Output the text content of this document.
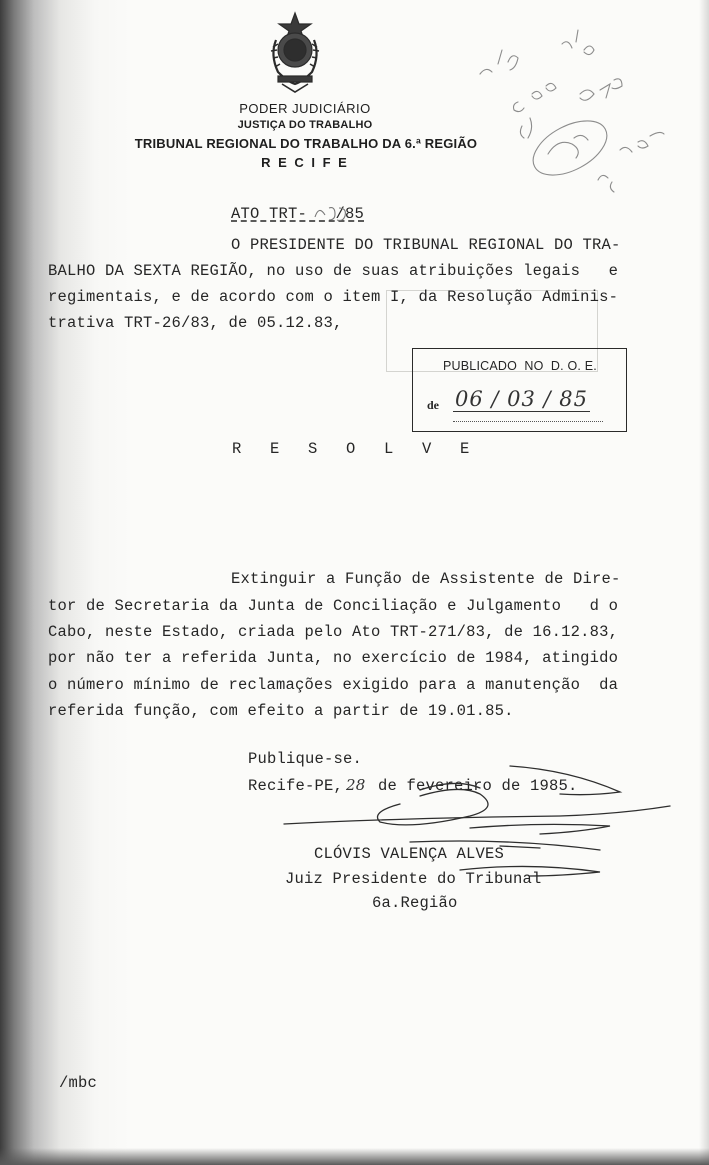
PODER JUDICIÁRIO
JUSTIÇA DO TRABALHO
TRIBUNAL REGIONAL DO TRABALHO DA 6.ª REGIÃO
R E C I F E
ATO TRT-   /85
O PRESIDENTE DO TRIBUNAL REGIONAL DO TRA-
BALHO DA SEXTA REGIÃO, no uso de suas atribuições legais   e
regimentais, e de acordo com o item I, da Resolução Adminis-
trativa TRT-26/83, de 05.12.83,
PUBLICADO  NO  D. O. E.
de 06 / 03 / 85
R   E   S   O   L   V   E

Extinguir a Função de Assistente de Dire-
tor de Secretaria da Junta de Conciliação e Julgamento   d o
Cabo, neste Estado, criada pelo Ato TRT-271/83, de 16.12.83,
por não ter a referida Junta, no exercício de 1984, atingido
o número mínimo de reclamações exigido para a manutenção  da
referida função, com efeito a partir de 19.01.85.
Publique-se.
Recife-PE, 28 de fevereiro de 1985.
CLÓVIS VALENÇA ALVES
Juiz Presidente do Tribunal
6a.Região
/mbc
